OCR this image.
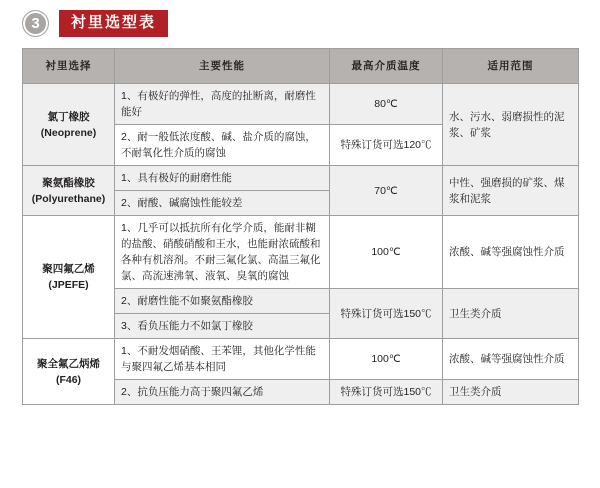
3	衬里选型表
衬里选择	主要性能	最高介质温度	适用范围
氯丁橡胶
(Neoprene)	1、有极好的弹性，高度的扯断离，耐磨性能好	80℃	水、污水、弱磨损性的泥浆、矿浆
	2、耐一般低浓度酸、碱、盐介质的腐蚀，不耐氧化性介质的腐蚀	特殊订货可选120℃	
聚氨酯橡胶
(Polyurethane)	1、具有极好的耐磨性能	70℃	中性、强磨损的矿浆、煤浆和泥浆
	2、耐酸、碱腐蚀性能较差		
聚四氟乙烯
(JPEFE)	1、几乎可以抵抗所有化学介质，能耐非糊的盐酸、硝酸硝酸和王水，也能耐浓硫酸和各种有机溶剂。不耐三氟化氯、高温三氟化氯、高流速沸氧、液氧、臭氧的腐蚀	100℃	浓酸、碱等强腐蚀性介质
	2、耐磨性能不如聚氨酯橡胶	特殊订货可选150℃	卫生类介质
	3、看负压能力不如氯丁橡胶		
聚全氟乙炳烯
(F46)	1、不耐发烟硝酸、王苯锂，其他化学性能与聚四氟乙烯基本相同	100℃	浓酸、碱等强腐蚀性介质
	2、抗负压能力高于聚四氟乙烯	特殊订货可选150℃	卫生类介质
